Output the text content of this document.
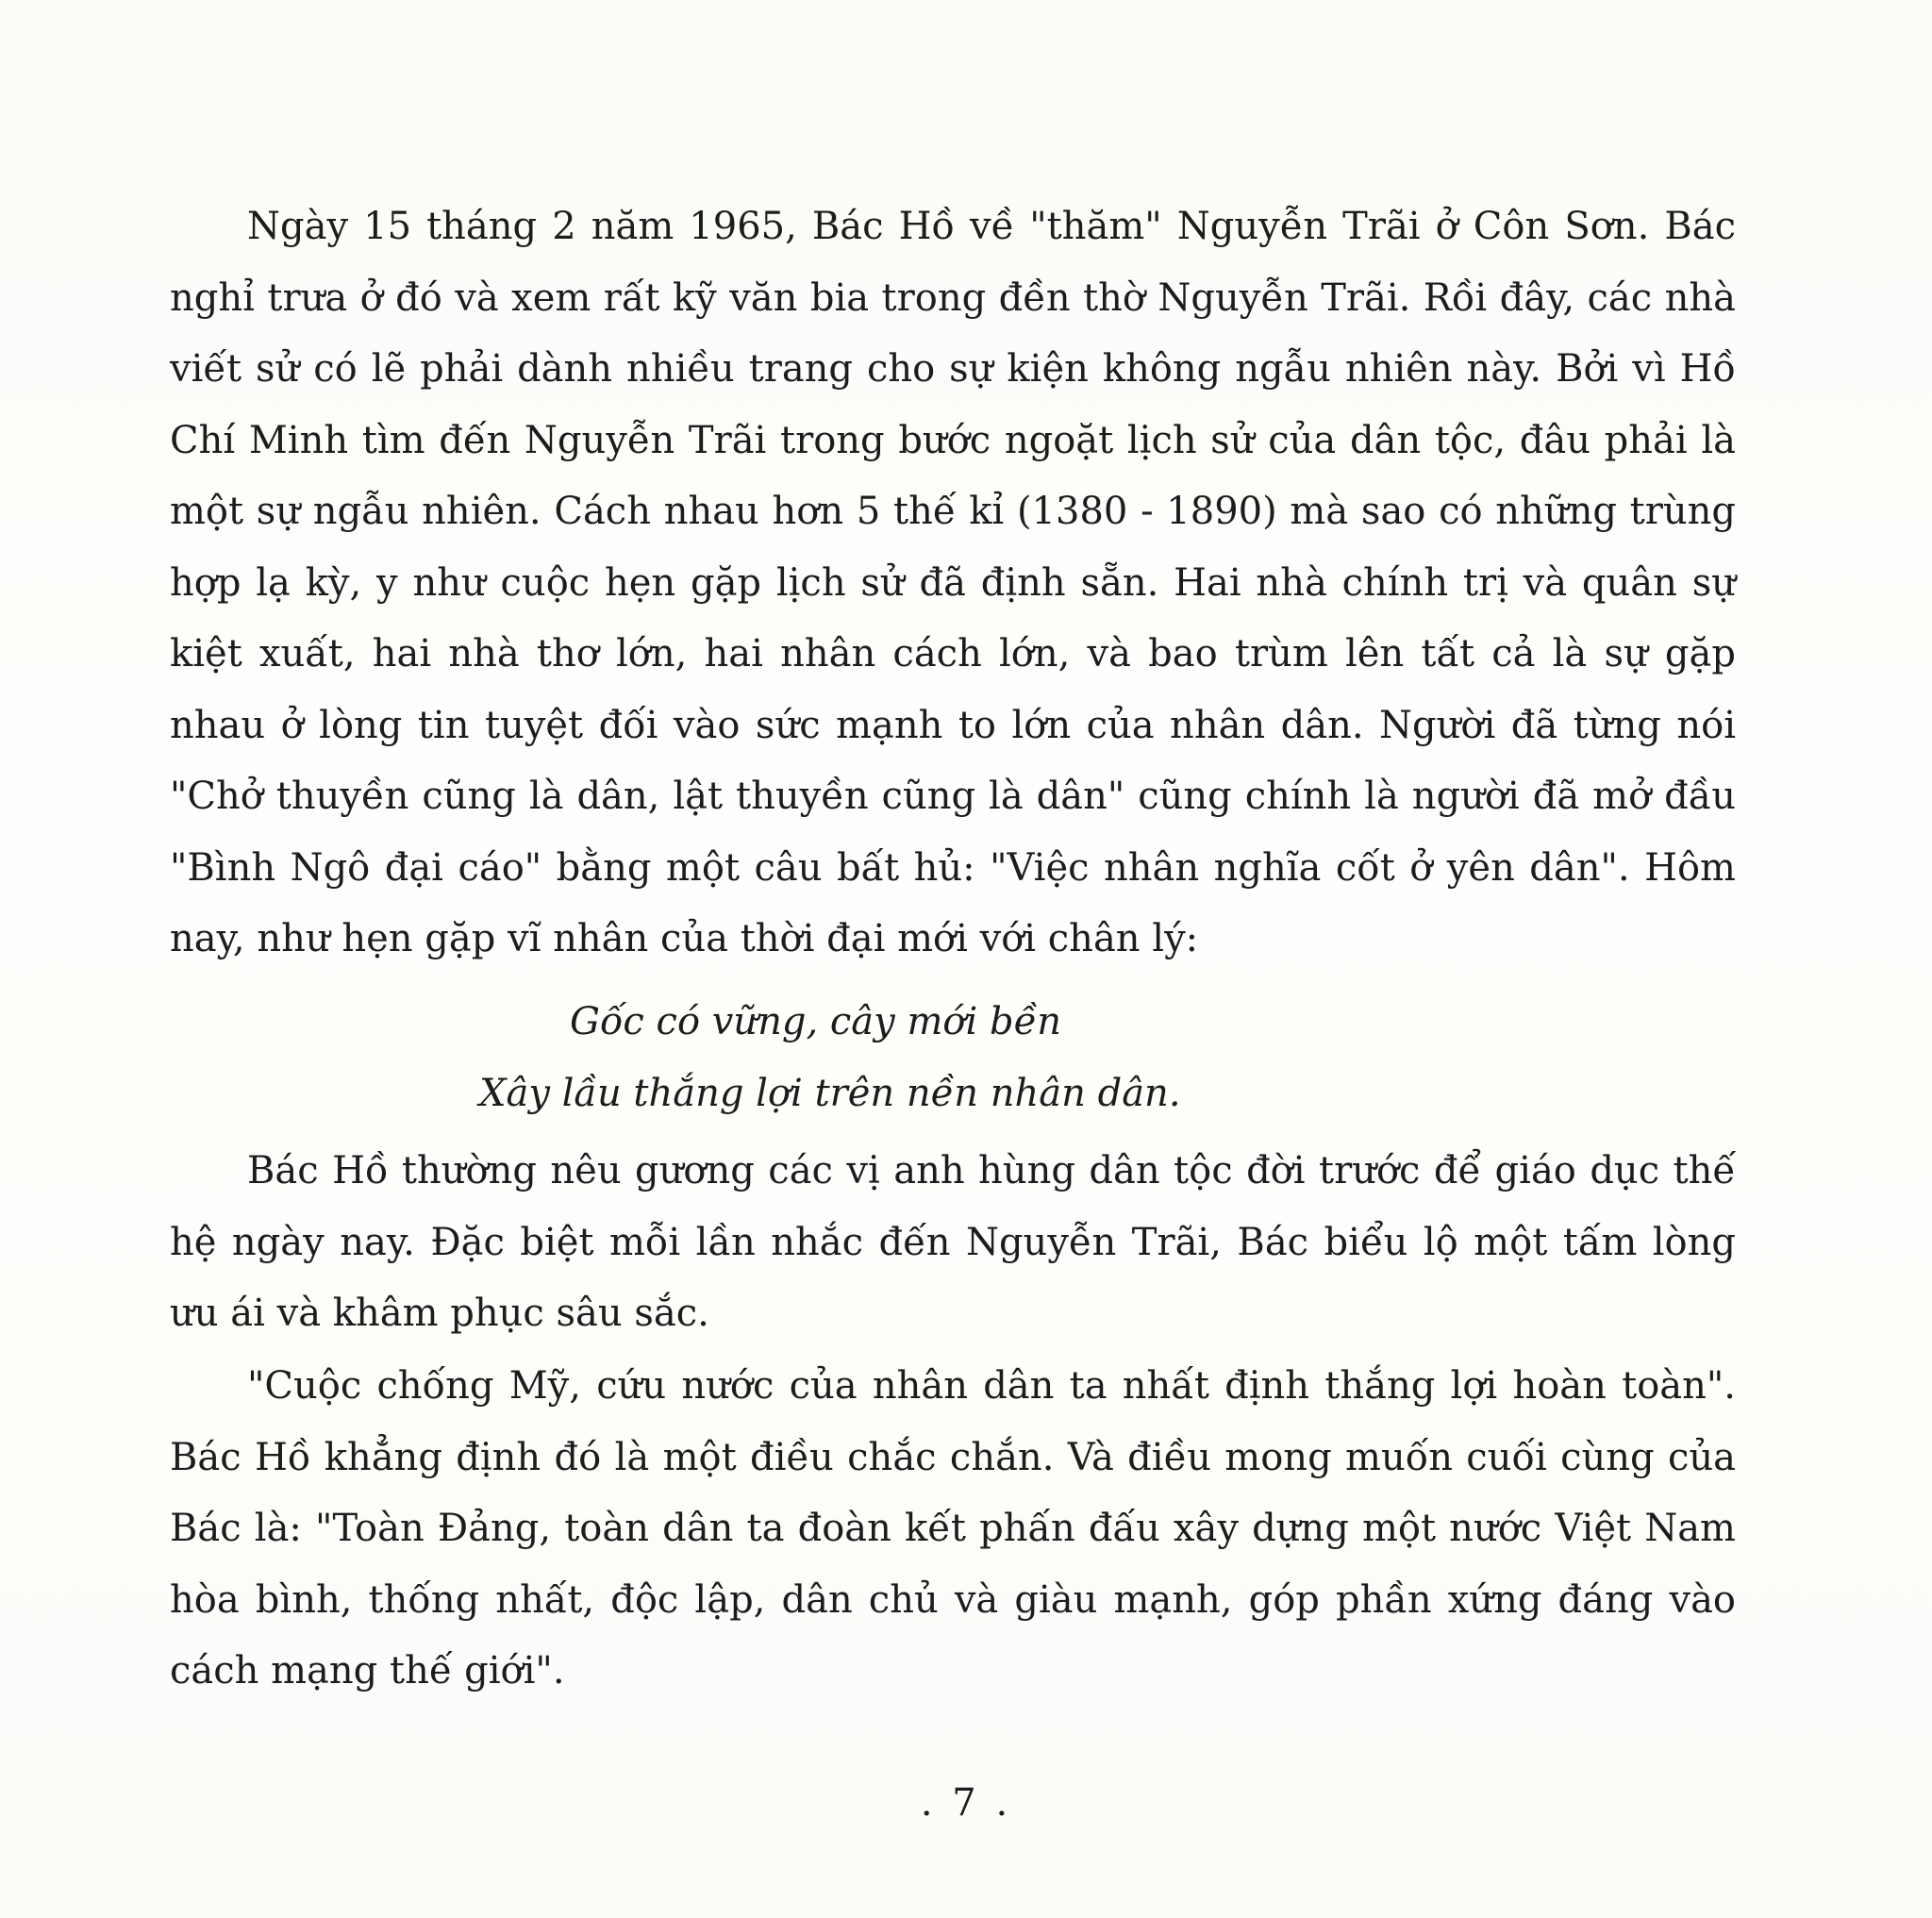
Ngày 15 tháng 2 năm 1965, Bác Hồ về "thăm" Nguyễn Trãi ở Côn Sơn. Bác nghỉ trưa ở đó và xem rất kỹ văn bia trong đền thờ Nguyễn Trãi. Rồi đây, các nhà viết sử có lẽ phải dành nhiều trang cho sự kiện không ngẫu nhiên này. Bởi vì Hồ Chí Minh tìm đến Nguyễn Trãi trong bước ngoặt lịch sử của dân tộc, đâu phải là một sự ngẫu nhiên. Cách nhau hơn 5 thế kỉ (1380 - 1890) mà sao có những trùng hợp lạ kỳ, y như cuộc hẹn gặp lịch sử đã định sẵn. Hai nhà chính trị và quân sự kiệt xuất, hai nhà thơ lớn, hai nhân cách lớn, và bao trùm lên tất cả là sự gặp nhau ở lòng tin tuyệt đối vào sức mạnh to lớn của nhân dân. Người đã từng nói "Chở thuyền cũng là dân, lật thuyền cũng là dân" cũng chính là người đã mở đầu "Bình Ngô đại cáo" bằng một câu bất hủ: "Việc nhân nghĩa cốt ở yên dân". Hôm nay, như hẹn gặp vĩ nhân của thời đại mới với chân lý:

Gốc có vững, cây mới bền
Xây lầu thắng lợi trên nền nhân dân.

Bác Hồ thường nêu gương các vị anh hùng dân tộc đời trước để giáo dục thế hệ ngày nay. Đặc biệt mỗi lần nhắc đến Nguyễn Trãi, Bác biểu lộ một tấm lòng ưu ái và khâm phục sâu sắc.

"Cuộc chống Mỹ, cứu nước của nhân dân ta nhất định thắng lợi hoàn toàn". Bác Hồ khẳng định đó là một điều chắc chắn. Và điều mong muốn cuối cùng của Bác là: "Toàn Đảng, toàn dân ta đoàn kết phấn đấu xây dựng một nước Việt Nam hòa bình, thống nhất, độc lập, dân chủ và giàu mạnh, góp phần xứng đáng vào cách mạng thế giới".

. 7 .
